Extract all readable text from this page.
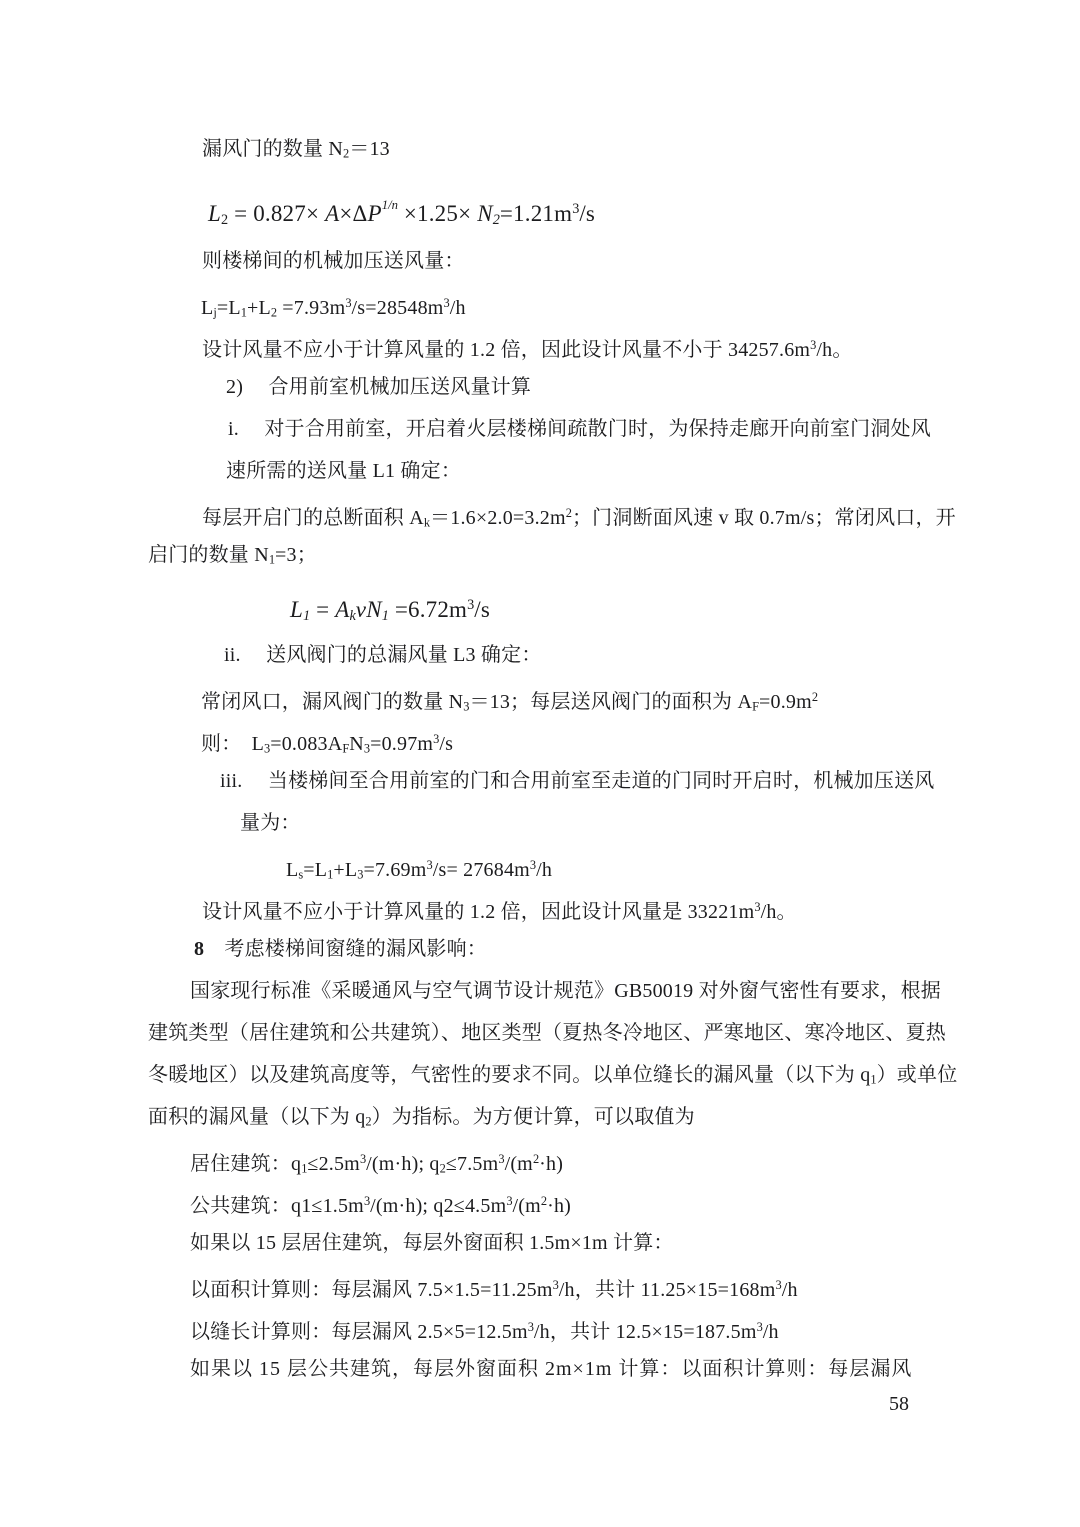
漏风门的数量 $N_2=13$

$L_2 = 0.827\times A\times\Delta P^{1/n} \times 1.25\times N_2=1.21m^3/s$

则楼梯间的机械加压送风量：

$L_j=L_1+L_2 =7.93m^3/s=28548m^3/h$

设计风量不应小于计算风量的 1.2 倍，因此设计风量不小于 $34257.6m^3/h$。

2)　 合用前室机械加压送风量计算

i.　 对于合用前室，开启着火层楼梯间疏散门时，为保持走廊开向前室门洞处风

速所需的送风量 L1 确定：

每层开启门的总断面积 $A_k=1.6\times 2.0=3.2m^2$；门洞断面风速 v 取 0.7m/s；常闭风口，开

启门的数量 $N_1=3$；

$L_1 = A_kvN_1 =6.72m^3/s$

ii.　 送风阀门的总漏风量 L3 确定：

常闭风口，漏风阀门的数量 $N_3=13$；每层送风阀门的面积为 $A_F=0.9m^2$

则：　$L_3=0.083A_FN_3=0.97m^3/s$

iii.　 当楼梯间至合用前室的门和合用前室至走道的门同时开启时，机械加压送风

量为：

$L_s=L_1+L_3=7.69m^3/s= 27684m^3/h$

设计风量不应小于计算风量的 1.2 倍，因此设计风量是 $33221m^3/h$。

8　考虑楼梯间窗缝的漏风影响：

国家现行标准《采暖通风与空气调节设计规范》GB50019 对外窗气密性有要求，根据

建筑类型（居住建筑和公共建筑）、地区类型（夏热冬冷地区、严寒地区、寒冷地区、夏热

冬暖地区）以及建筑高度等，气密性的要求不同。以单位缝长的漏风量（以下为 $q_1$）或单位

面积的漏风量（以下为 $q_2$）为指标。为方便计算，可以取值为

居住建筑：$q_1\le 2.5m^3/(m\cdot h)$; $q_2\le 7.5m^3/(m^2\cdot h)$

公共建筑：$q1\le 1.5m^3/(m\cdot h)$; $q2\le 4.5m^3/(m^2\cdot h)$

如果以 15 层居住建筑，每层外窗面积 1.5m×1m 计算：

以面积计算则：每层漏风 $7.5\times 1.5=11.25m^3/h$，共计 $11.25\times 15=168m^3/h$

以缝长计算则：每层漏风 $2.5\times 5=12.5m^3/h$，共计 $12.5\times 15=187.5m^3/h$

如果以 15 层公共建筑，每层外窗面积 2m×1m 计算：以面积计算则：每层漏风

58
